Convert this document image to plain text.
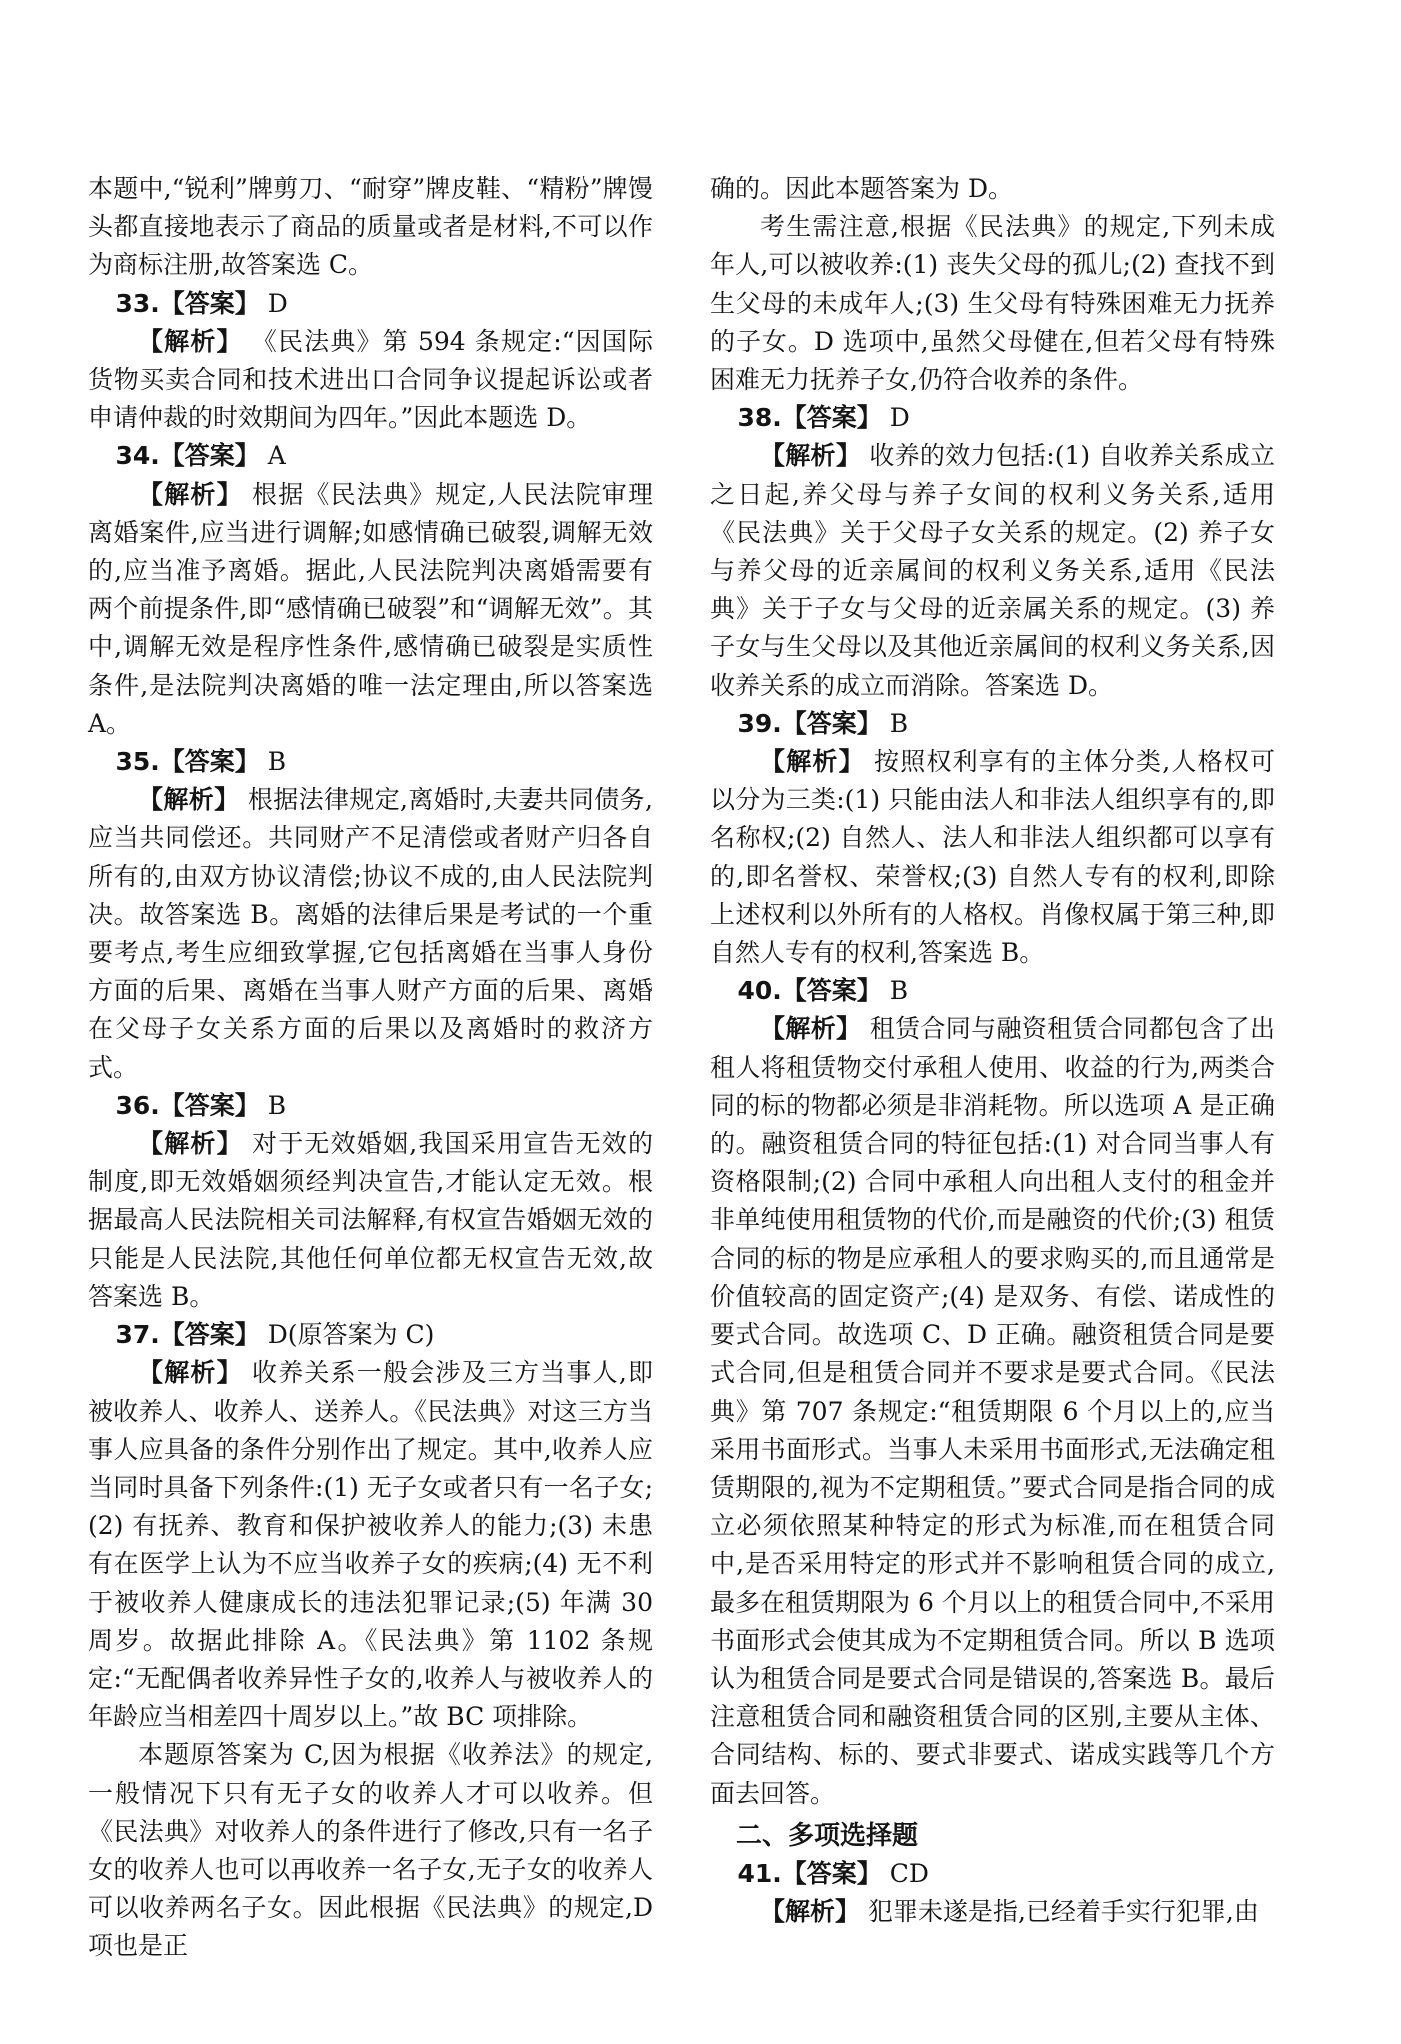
本题中,“锐利”牌剪刀、“耐穿”牌皮鞋、“精粉”牌馒头都直接地表示了商品的质量或者是材料,不可以作为商标注册,故答案选 C。

33.【答案】 D

【解析】 《民法典》第 594 条规定:“因国际货物买卖合同和技术进出口合同争议提起诉讼或者申请仲裁的时效期间为四年。”因此本题选 D。

34.【答案】 A

【解析】 根据《民法典》规定,人民法院审理离婚案件,应当进行调解;如感情确已破裂,调解无效的,应当准予离婚。据此,人民法院判决离婚需要有两个前提条件,即“感情确已破裂”和“调解无效”。其中,调解无效是程序性条件,感情确已破裂是实质性条件,是法院判决离婚的唯一法定理由,所以答案选 A。

35.【答案】 B

【解析】 根据法律规定,离婚时,夫妻共同债务,应当共同偿还。共同财产不足清偿或者财产归各自所有的,由双方协议清偿;协议不成的,由人民法院判决。故答案选 B。离婚的法律后果是考试的一个重要考点,考生应细致掌握,它包括离婚在当事人身份方面的后果、离婚在当事人财产方面的后果、离婚在父母子女关系方面的后果以及离婚时的救济方式。

36.【答案】 B

【解析】 对于无效婚姻,我国采用宣告无效的制度,即无效婚姻须经判决宣告,才能认定无效。根据最高人民法院相关司法解释,有权宣告婚姻无效的只能是人民法院,其他任何单位都无权宣告无效,故答案选 B。

37.【答案】 D(原答案为 C)

【解析】 收养关系一般会涉及三方当事人,即被收养人、收养人、送养人。《民法典》对这三方当事人应具备的条件分别作出了规定。其中,收养人应当同时具备下列条件:(1) 无子女或者只有一名子女;(2) 有抚养、教育和保护被收养人的能力;(3) 未患有在医学上认为不应当收养子女的疾病;(4) 无不利于被收养人健康成长的违法犯罪记录;(5) 年满 30 周岁。故据此排除 A。《民法典》第 1102 条规定:“无配偶者收养异性子女的,收养人与被收养人的年龄应当相差四十周岁以上。”故 BC 项排除。

本题原答案为 C,因为根据《收养法》的规定,一般情况下只有无子女的收养人才可以收养。但《民法典》对收养人的条件进行了修改,只有一名子女的收养人也可以再收养一名子女,无子女的收养人可以收养两名子女。因此根据《民法典》的规定,D 项也是正

确的。因此本题答案为 D。

考生需注意,根据《民法典》的规定,下列未成年人,可以被收养:(1) 丧失父母的孤儿;(2) 查找不到生父母的未成年人;(3) 生父母有特殊困难无力抚养的子女。D 选项中,虽然父母健在,但若父母有特殊困难无力抚养子女,仍符合收养的条件。

38.【答案】 D

【解析】 收养的效力包括:(1) 自收养关系成立之日起,养父母与养子女间的权利义务关系,适用《民法典》关于父母子女关系的规定。(2) 养子女与养父母的近亲属间的权利义务关系,适用《民法典》关于子女与父母的近亲属关系的规定。(3) 养子女与生父母以及其他近亲属间的权利义务关系,因收养关系的成立而消除。答案选 D。

39.【答案】 B

【解析】 按照权利享有的主体分类,人格权可以分为三类:(1) 只能由法人和非法人组织享有的,即名称权;(2) 自然人、法人和非法人组织都可以享有的,即名誉权、荣誉权;(3) 自然人专有的权利,即除上述权利以外所有的人格权。肖像权属于第三种,即自然人专有的权利,答案选 B。

40.【答案】 B

【解析】 租赁合同与融资租赁合同都包含了出租人将租赁物交付承租人使用、收益的行为,两类合同的标的物都必须是非消耗物。所以选项 A 是正确的。融资租赁合同的特征包括:(1) 对合同当事人有资格限制;(2) 合同中承租人向出租人支付的租金并非单纯使用租赁物的代价,而是融资的代价;(3) 租赁合同的标的物是应承租人的要求购买的,而且通常是价值较高的固定资产;(4) 是双务、有偿、诺成性的要式合同。故选项 C、D 正确。融资租赁合同是要式合同,但是租赁合同并不要求是要式合同。《民法典》第 707 条规定:“租赁期限 6 个月以上的,应当采用书面形式。当事人未采用书面形式,无法确定租赁期限的,视为不定期租赁。”要式合同是指合同的成立必须依照某种特定的形式为标准,而在租赁合同中,是否采用特定的形式并不影响租赁合同的成立,最多在租赁期限为 6 个月以上的租赁合同中,不采用书面形式会使其成为不定期租赁合同。所以 B 选项认为租赁合同是要式合同是错误的,答案选 B。最后注意租赁合同和融资租赁合同的区别,主要从主体、合同结构、标的、要式非要式、诺成实践等几个方面去回答。

二、多项选择题

41.【答案】 CD

【解析】 犯罪未遂是指,已经着手实行犯罪,由
